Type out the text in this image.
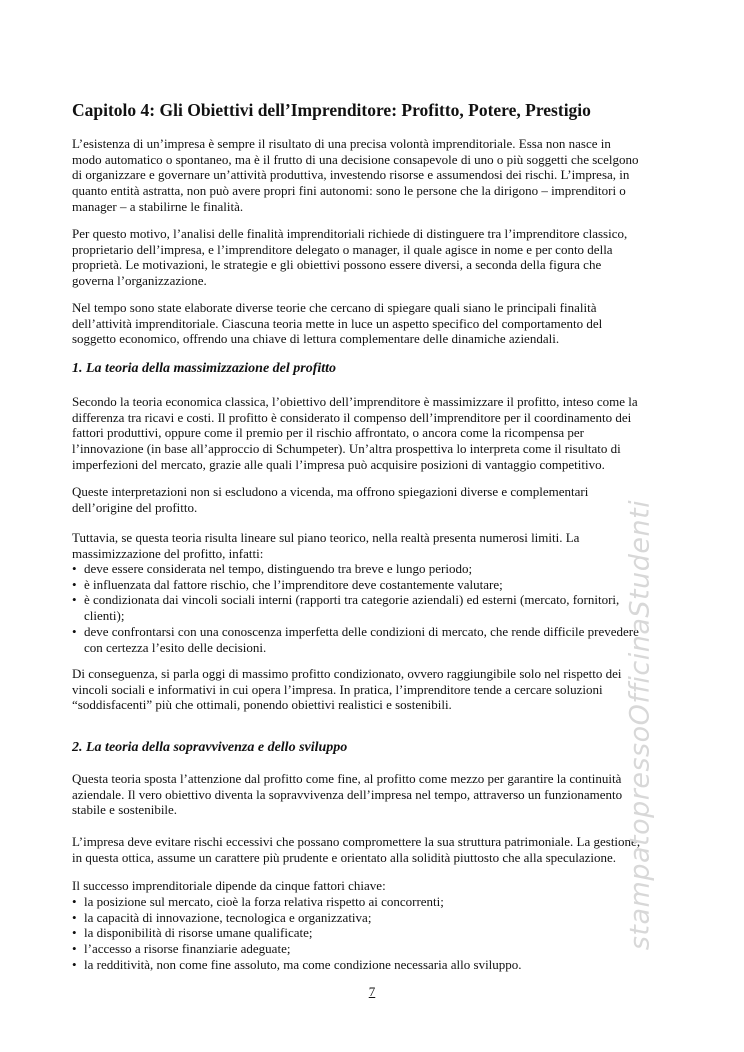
Capitolo 4: Gli Obiettivi dell’Imprenditore: Profitto, Potere, Prestigio
L’esistenza di un’impresa è sempre il risultato di una precisa volontà imprenditoriale. Essa non nasce in
modo automatico o spontaneo, ma è il frutto di una decisione consapevole di uno o più soggetti che scelgono
di organizzare e governare un’attività produttiva, investendo risorse e assumendosi dei rischi. L’impresa, in
quanto entità astratta, non può avere propri fini autonomi: sono le persone che la dirigono – imprenditori o
manager – a stabilirne le finalità.
Per questo motivo, l’analisi delle finalità imprenditoriali richiede di distinguere tra l’imprenditore classico,
proprietario dell’impresa, e l’imprenditore delegato o manager, il quale agisce in nome e per conto della
proprietà. Le motivazioni, le strategie e gli obiettivi possono essere diversi, a seconda della figura che
governa l’organizzazione.
Nel tempo sono state elaborate diverse teorie che cercano di spiegare quali siano le principali finalità
dell’attività imprenditoriale. Ciascuna teoria mette in luce un aspetto specifico del comportamento del
soggetto economico, offrendo una chiave di lettura complementare delle dinamiche aziendali.
1. La teoria della massimizzazione del profitto
Secondo la teoria economica classica, l’obiettivo dell’imprenditore è massimizzare il profitto, inteso come la
differenza tra ricavi e costi. Il profitto è considerato il compenso dell’imprenditore per il coordinamento dei
fattori produttivi, oppure come il premio per il rischio affrontato, o ancora come la ricompensa per
l’innovazione (in base all’approccio di Schumpeter). Un’altra prospettiva lo interpreta come il risultato di
imperfezioni del mercato, grazie alle quali l’impresa può acquisire posizioni di vantaggio competitivo.
Queste interpretazioni non si escludono a vicenda, ma offrono spiegazioni diverse e complementari
dell’origine del profitto.
Tuttavia, se questa teoria risulta lineare sul piano teorico, nella realtà presenta numerosi limiti. La
massimizzazione del profitto, infatti:
• deve essere considerata nel tempo, distinguendo tra breve e lungo periodo;
• è influenzata dal fattore rischio, che l’imprenditore deve costantemente valutare;
• è condizionata dai vincoli sociali interni (rapporti tra categorie aziendali) ed esterni (mercato, fornitori,
clienti);
• deve confrontarsi con una conoscenza imperfetta delle condizioni di mercato, che rende difficile prevedere
con certezza l’esito delle decisioni.
Di conseguenza, si parla oggi di massimo profitto condizionato, ovvero raggiungibile solo nel rispetto dei
vincoli sociali e informativi in cui opera l’impresa. In pratica, l’imprenditore tende a cercare soluzioni
“soddisfacenti” più che ottimali, ponendo obiettivi realistici e sostenibili.
2. La teoria della sopravvivenza e dello sviluppo
Questa teoria sposta l’attenzione dal profitto come fine, al profitto come mezzo per garantire la continuità
aziendale. Il vero obiettivo diventa la sopravvivenza dell’impresa nel tempo, attraverso un funzionamento
stabile e sostenibile.
L’impresa deve evitare rischi eccessivi che possano compromettere la sua struttura patrimoniale. La gestione,
in questa ottica, assume un carattere più prudente e orientato alla solidità piuttosto che alla speculazione.
Il successo imprenditoriale dipende da cinque fattori chiave:
• la posizione sul mercato, cioè la forza relativa rispetto ai concorrenti;
• la capacità di innovazione, tecnologica e organizzativa;
• la disponibilità di risorse umane qualificate;
• l’accesso a risorse finanziarie adeguate;
• la redditività, non come fine assoluto, ma come condizione necessaria allo sviluppo.
7
stampatopressoOfficinaStudenti
